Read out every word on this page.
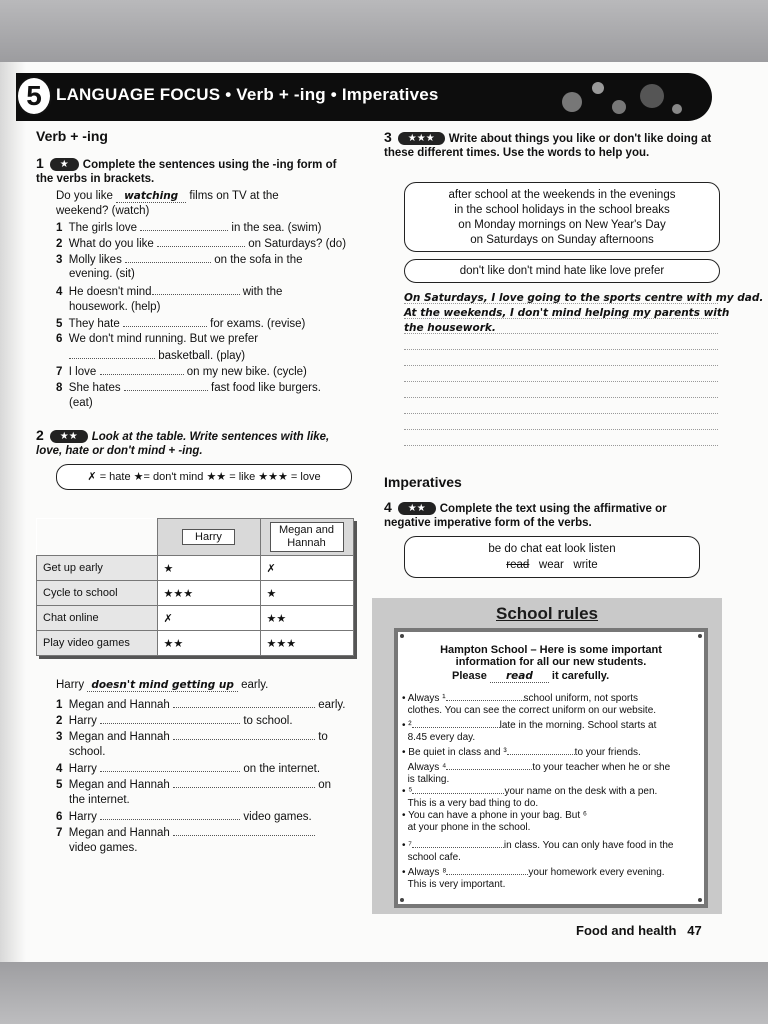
5 LANGUAGE FOCUS • Verb + -ing • Imperatives
Verb + -ing
1 ★ Complete the sentences using the -ing form of the verbs in brackets.
Do you like watching films on TV at the
weekend? (watch)
1 The girls love	in the sea. (swim)
2 What do you like	on Saturdays? (do)
3 Molly likes	on the sofa in the
evening. (sit)
4 He doesn't mind	with the
housework. (help)
5 They hate	for exams. (revise)
6 We don't mind running. But we prefer
basketball. (play)
7 I love	on my new bike. (cycle)
8 She hates	fast food like burgers.
(eat)
2 ★★ Look at the table. Write sentences with like, love, hate or don't mind + -ing.
✗ = hate ★= don't mind ★★ = like ★★★ = love
	Harry	Megan and Hannah
Get up early	★	✗
Cycle to school	★★★	★
Chat online	✗	★★
Play video games	★★	★★★
Harry doesn't mind getting up early.
1 Megan and Hannah	early.
2 Harry	to school.
3 Megan and Hannah	to
school.
4 Harry	on the internet.
5 Megan and Hannah	on
the internet.
6 Harry	video games.
7 Megan and Hannah
video games.
3 ★★★ Write about things you like or don't like doing at these different times. Use the words to help you.
after school at the weekends in the evenings
in the school holidays in the school breaks
on Monday mornings on New Year's Day
on Saturdays on Sunday afternoons
don't like don't mind hate like love prefer
On Saturdays, I love going to the sports centre with my dad.
At the weekends, I don't mind helping my parents with
the housework.
Imperatives
4 ★★ Complete the text using the affirmative or negative imperative form of the verbs.
be do chat eat look listen
read   wear   write
School rules
Hampton School – Here is some important
information for all our new students.
Please read it carefully.
• Always ¹	school uniform, not sports
clothes. You can see the correct uniform on our website.
• ²	late in the morning. School starts at
8.45 every day.
• Be quiet in class and ³	to your friends.
Always ⁴	to your teacher when he or she
is talking.
• ⁵	your name on the desk with a pen.
This is a very bad thing to do.
• You can have a phone in your bag. But ⁶
at your phone in the school.
• ⁷	in class. You can only have food in the
school cafe.
• Always ⁸	your homework every evening.
This is very important.
Food and health 47
